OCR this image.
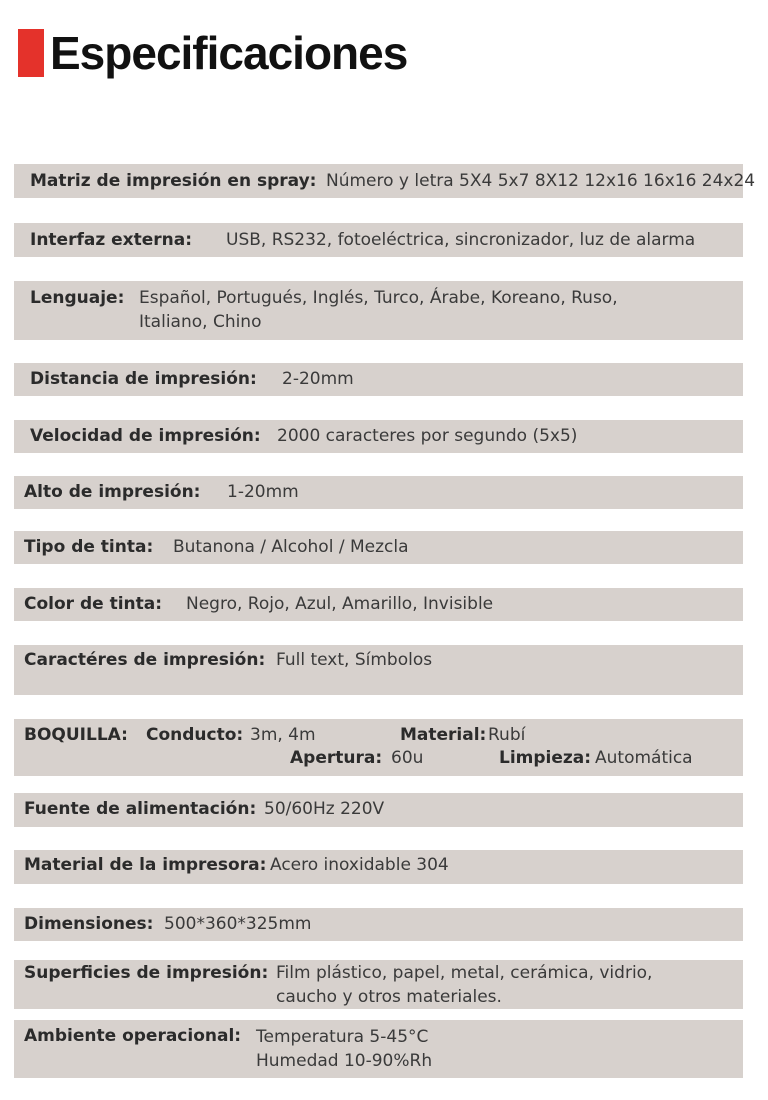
Especificaciones
Matriz de impresión en spray: Número y letra 5X4 5x7 8X12 12x16 16x16 24x24
Interfaz externa: USB, RS232, fotoeléctrica, sincronizador, luz de alarma
Lenguaje: Español, Portugués, Inglés, Turco, Árabe, Koreano, Ruso,
Italiano, Chino
Distancia de impresión: 2-20mm
Velocidad de impresión: 2000 caracteres por segundo (5x5)
Alto de impresión: 1-20mm
Tipo de tinta: Butanona / Alcohol / Mezcla
Color de tinta: Negro, Rojo, Azul, Amarillo, Invisible
Caractéres de impresión: Full text, Símbolos
BOQUILLA: Conducto: 3m, 4m	Material: Rubí
Apertura: 60u	Limpieza: Automática
Fuente de alimentación: 50/60Hz 220V
Material de la impresora: Acero inoxidable 304
Dimensiones: 500*360*325mm
Superficies de impresión: Film plástico, papel, metal, cerámica, vidrio,
caucho y otros materiales.
Ambiente operacional: Temperatura 5-45°C
Humedad 10-90%Rh
